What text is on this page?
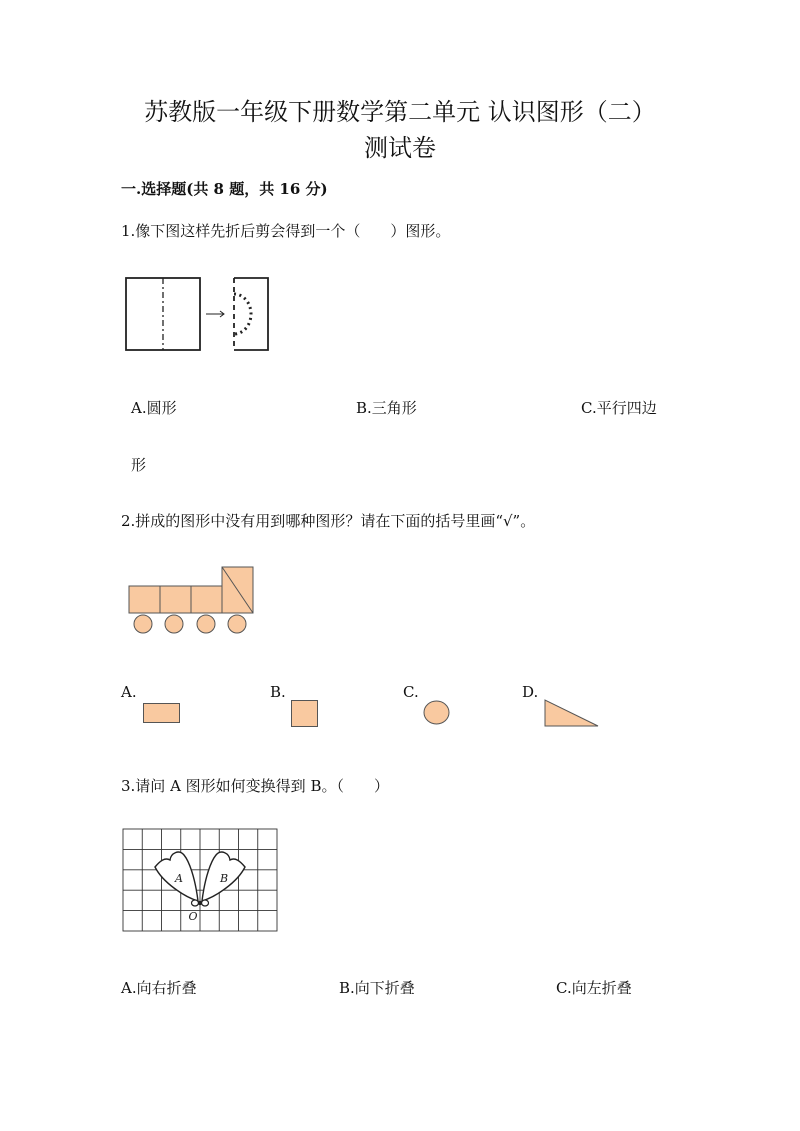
苏教版一年级下册数学第二单元 认识图形（二）
测试卷
一.选择题(共 8 题，共 16 分)
1.像下图这样先折后剪会得到一个（　　）图形。
A.圆形	B.三角形	C.平行四边
形
2.拼成的图形中没有用到哪种图形？请在下面的括号里画“√”。
A.	B.	C.	D.
3.请问 A 图形如何变换得到 B。（　　）
A	B
O
A.向右折叠	B.向下折叠	C.向左折叠
